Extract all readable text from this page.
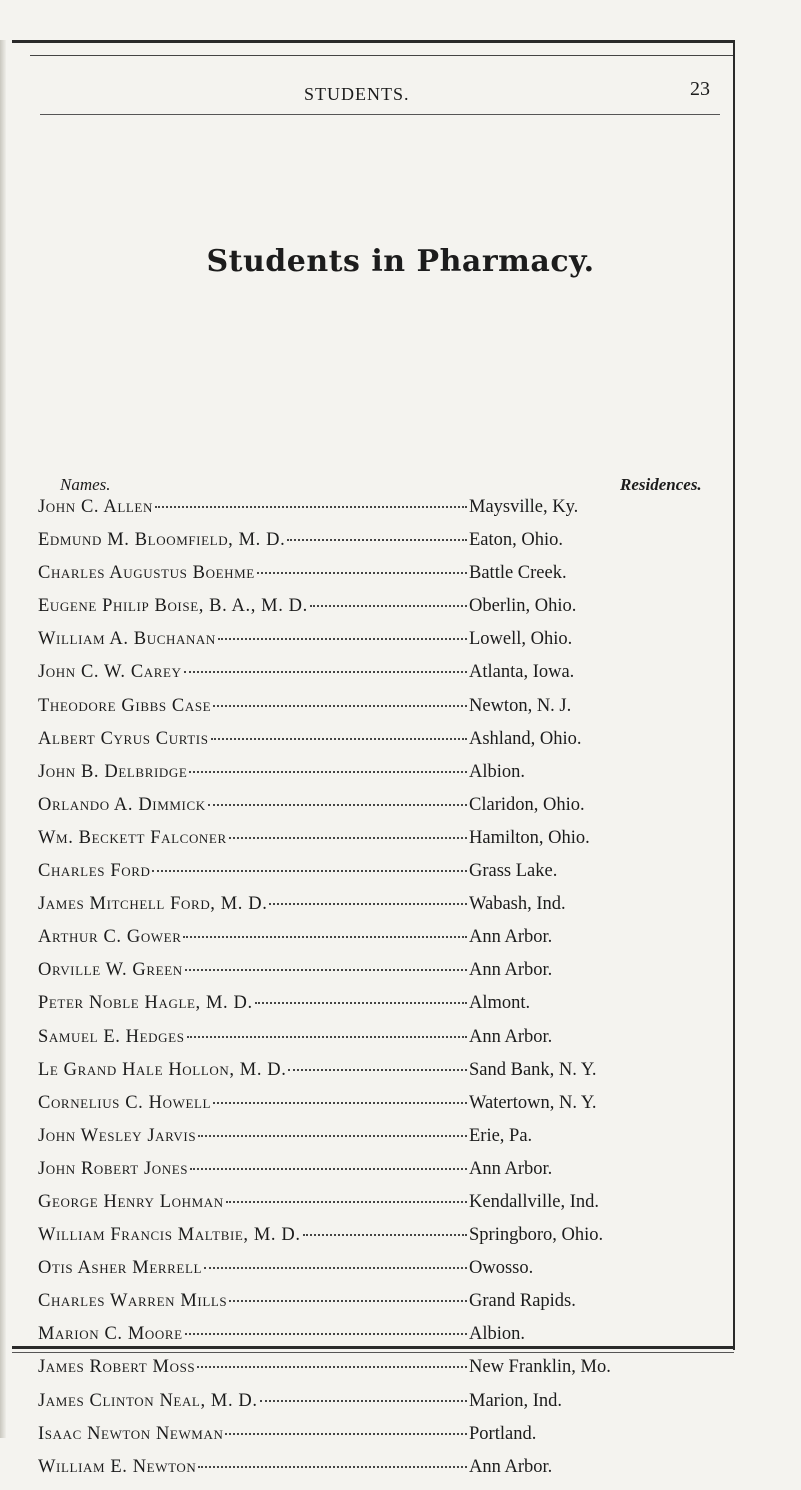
STUDENTS.	23
Students in Pharmacy.
Names.	Residences.
John C. Allen	Maysville, Ky.
Edmund M. Bloomfield, M. D.	Eaton, Ohio.
Charles Augustus Boehme	Battle Creek.
Eugene Philip Boise, B. A., M. D.	Oberlin, Ohio.
William A. Buchanan	Lowell, Ohio.
John C. W. Carey	Atlanta, Iowa.
Theodore Gibbs Case	Newton, N. J.
Albert Cyrus Curtis	Ashland, Ohio.
John B. Delbridge	Albion.
Orlando A. Dimmick	Claridon, Ohio.
Wm. Beckett Falconer	Hamilton, Ohio.
Charles Ford	Grass Lake.
James Mitchell Ford, M. D.	Wabash, Ind.
Arthur C. Gower	Ann Arbor.
Orville W. Green	Ann Arbor.
Peter Noble Hagle, M. D.	Almont.
Samuel E. Hedges	Ann Arbor.
Le Grand Hale Hollon, M. D.	Sand Bank, N. Y.
Cornelius C. Howell	Watertown, N. Y.
John Wesley Jarvis	Erie, Pa.
John Robert Jones	Ann Arbor.
George Henry Lohman	Kendallville, Ind.
William Francis Maltbie, M. D.	Springboro, Ohio.
Otis Asher Merrell	Owosso.
Charles Warren Mills	Grand Rapids.
Marion C. Moore	Albion.
James Robert Moss	New Franklin, Mo.
James Clinton Neal, M. D.	Marion, Ind.
Isaac Newton Newman	Portland.
William E. Newton	Ann Arbor.
